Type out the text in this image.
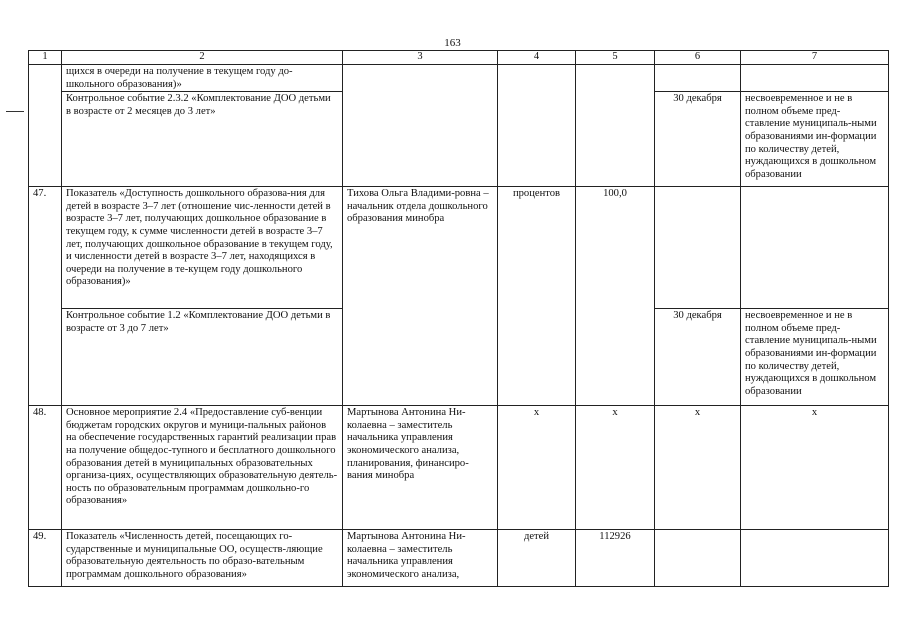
163
1	2	3	4	5	6	7
	щихся в очереди на получение в текущем году до-школьного образования)»					
	Контрольное событие 2.3.2 «Комплектование ДОО детьми в возрасте от 2 месяцев до 3 лет»				30 декабря	несвоевременное и не в полном объеме пред-ставление муниципаль-ными образованиями ин-формации по количеству детей, нуждающихся в дошкольном образовании
47.	Показатель «Доступность дошкольного образова-ния для детей в возрасте 3–7 лет (отношение чис-ленности детей в возрасте 3–7 лет, получающих дошкольное образование в текущем году, к сумме численности детей в возрасте 3–7 лет, получающих дошкольное образование в текущем году, и численности детей в возрасте 3–7 лет, находящихся в очереди на получение в те-кущем году дошкольного образования)»	Тихова Ольга Владими-ровна – начальник отдела дошкольного образования минобра	процентов	100,0		
	Контрольное событие 1.2 «Комплектование ДОО детьми в возрасте от 3 до 7 лет»				30 декабря	несвоевременное и не в полном объеме пред-ставление муниципаль-ными образованиями ин-формации по количеству детей, нуждающихся в дошкольном образовании
48.	Основное мероприятие 2.4 «Предоставление суб-венции бюджетам городских округов и муници-пальных районов на обеспечение государственных гарантий реализации прав на получение общедос-тупного и бесплатного дошкольного образования детей в муниципальных образовательных организа-циях, осуществляющих образовательную деятель-ность по образовательным программам дошкольно-го образования»	Мартынова Антонина Ни-колаевна – заместитель начальника управления экономического анализа, планирования, финансиро-вания минобра	х	х	х	х
49.	Показатель «Численность детей, посещающих го-сударственные и муниципальные ОО, осуществ-ляющие образовательную деятельность по образо-вательным программам дошкольного образования»	Мартынова Антонина Ни-колаевна – заместитель начальника управления экономического анализа,	детей	112926		
